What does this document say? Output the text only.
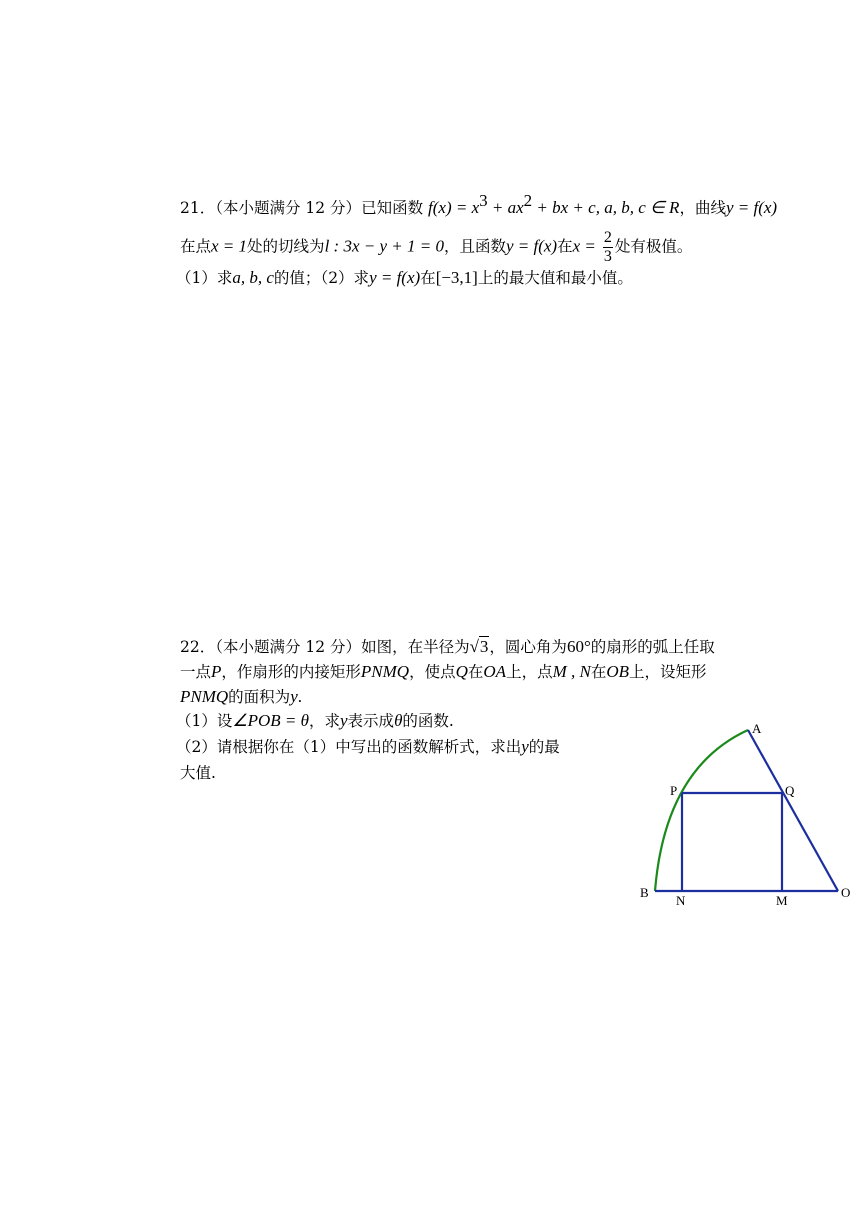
21．（本小题满分 12 分）已知函数 $f(x) = x^3 + ax^2$ + bx + c, a, b, c ∈ R，曲线y = f(x)
在点x = 1处的切线为l : 3x − y + 1 = 0，且函数y = f(x)在$x = \frac{2}{3}$ 处有极值。
（1）求a, b, c的值；（2）求y = f(x)在[−3,1]上的最大值和最小值。
22．（本小题满分 12 分）如图，在半径为√3，圆心角为60°的扇形的弧上任取
一点P，作扇形的内接矩形PNMQ，使点Q在OA上，点M , N在OB上，设矩形
PNMQ的面积为y.
（1）设∠POB = θ，求y表示成θ的函数.
（2）请根据你在（1）中写出的函数解析式，求出y的最
大值.
A
P	Q
B
N	M
O
